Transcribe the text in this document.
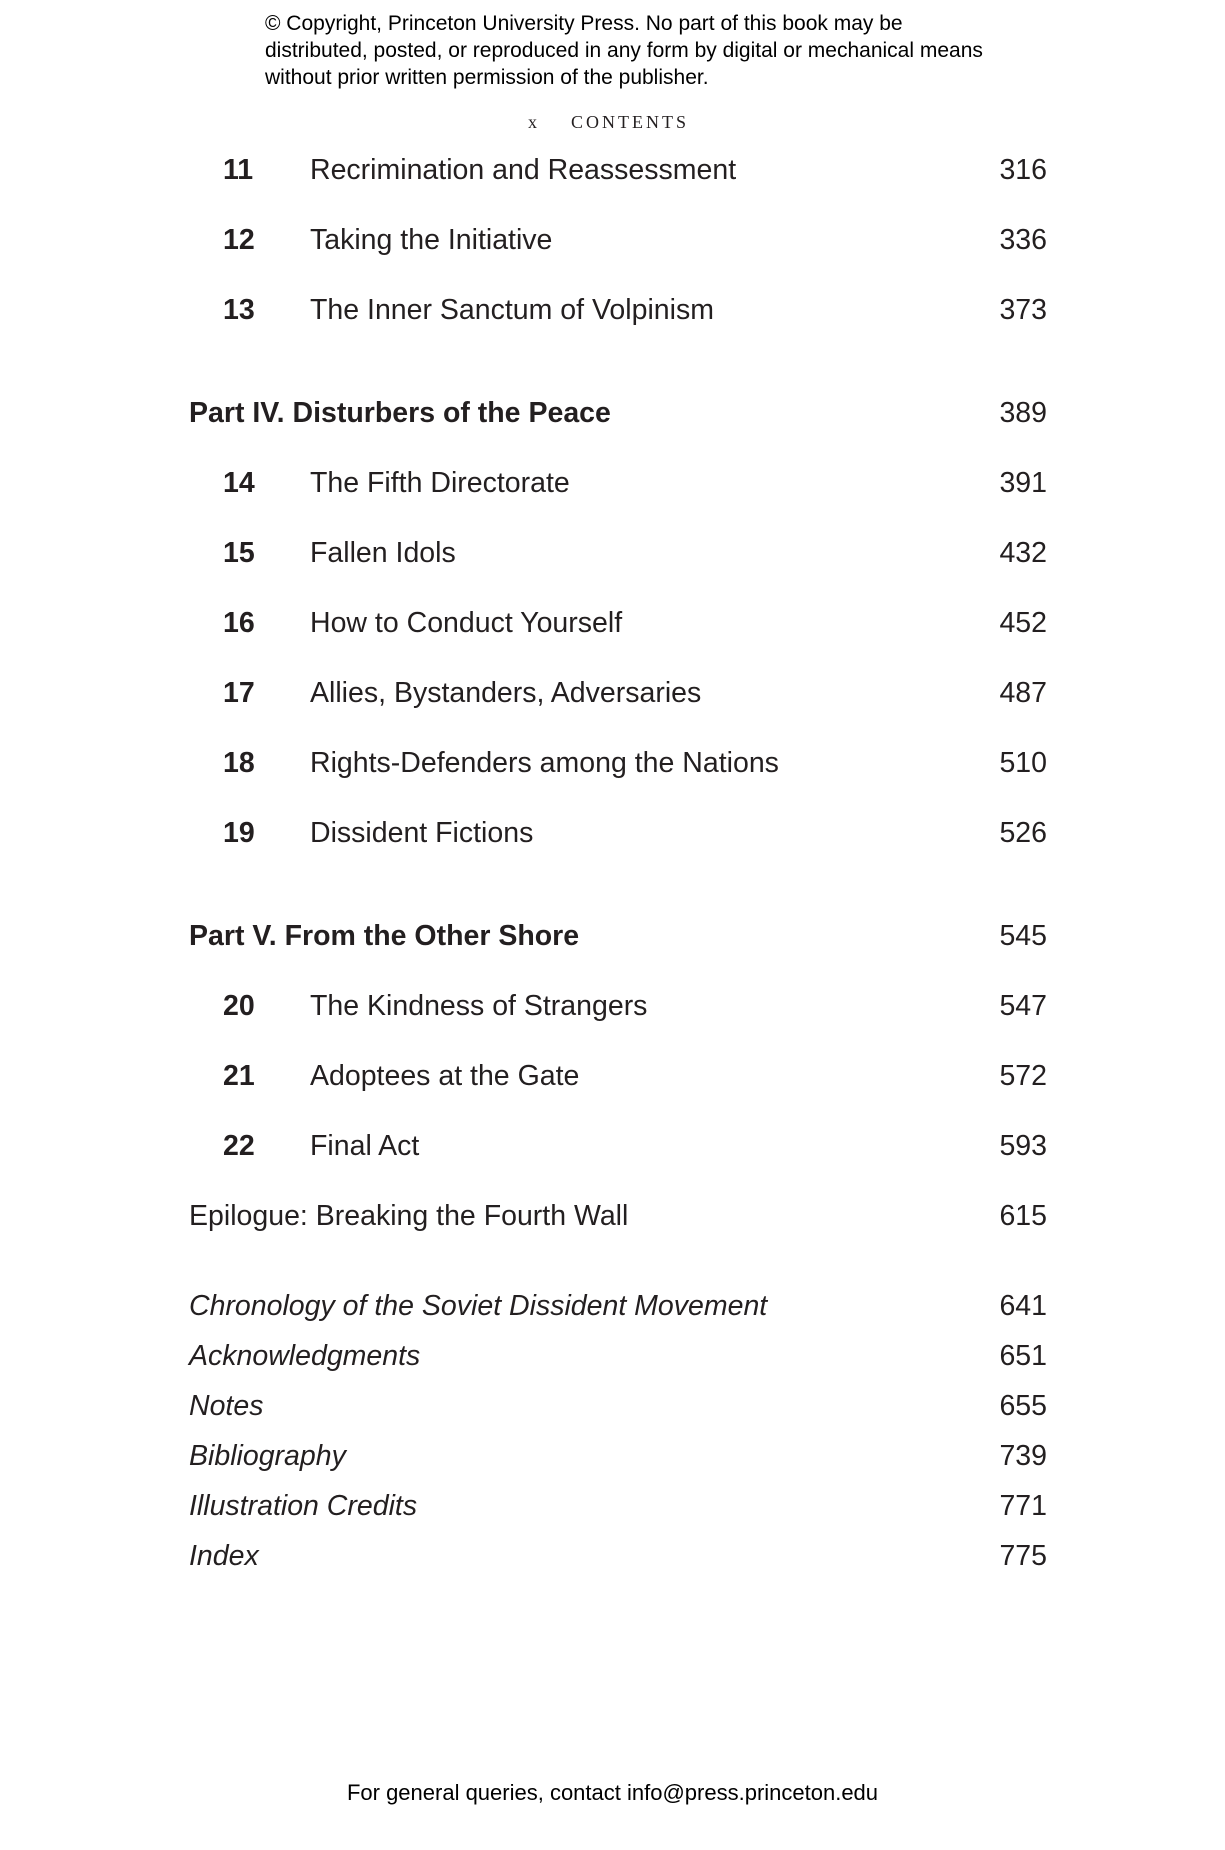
© Copyright, Princeton University Press. No part of this book may be distributed, posted, or reproduced in any form by digital or mechanical means without prior written permission of the publisher.

x CONTENTS
11 Recrimination and Reassessment	316
12 Taking the Initiative	336
13 The Inner Sanctum of Volpinism	373
Part IV. Disturbers of the Peace	389
14 The Fifth Directorate	391
15 Fallen Idols	432
16 How to Conduct Yourself	452
17 Allies, Bystanders, Adversaries	487
18 Rights-Defenders among the Nations	510
19 Dissident Fictions	526
Part V. From the Other Shore	545
20 The Kindness of Strangers	547
21 Adoptees at the Gate	572
22 Final Act	593
Epilogue: Breaking the Fourth Wall	615
Chronology of the Soviet Dissident Movement	641
Acknowledgments	651
Notes	655
Bibliography	739
Illustration Credits	771
Index	775
For general queries, contact info@press.princeton.edu
